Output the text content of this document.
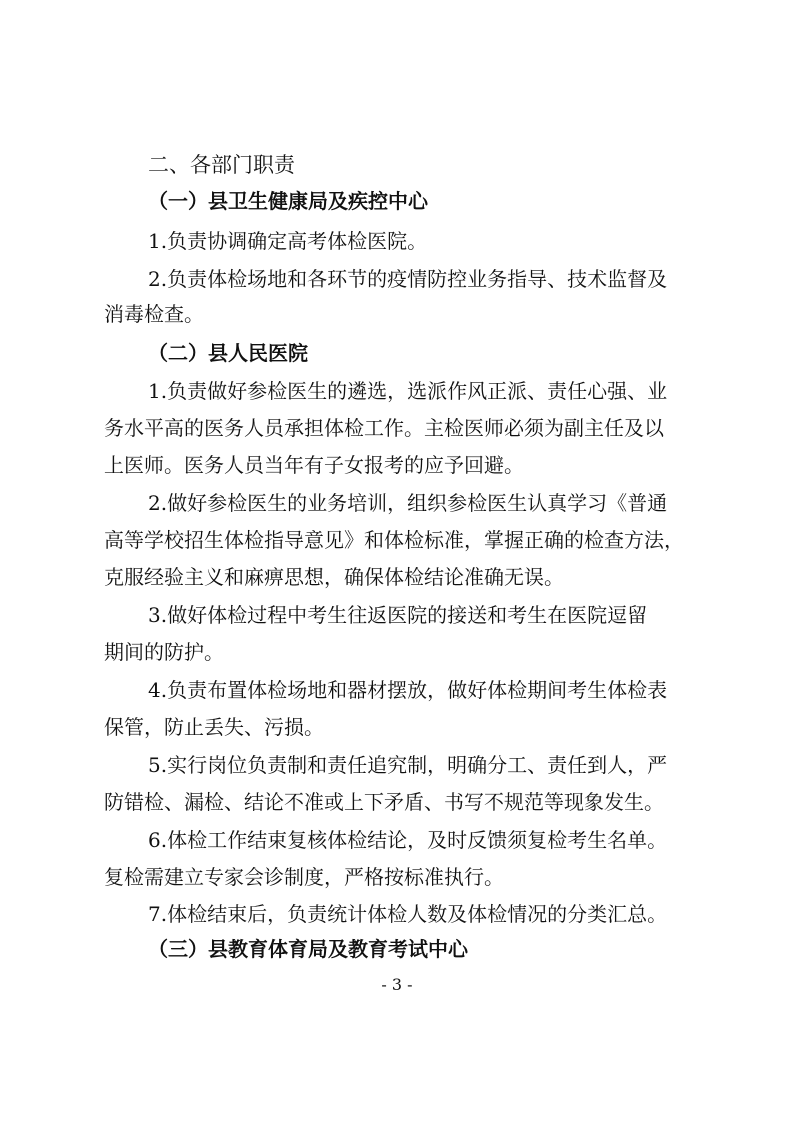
二、各部门职责
（一）县卫生健康局及疾控中心
1.负责协调确定高考体检医院。
2.负责体检场地和各环节的疫情防控业务指导、技术监督及
消毒检查。
（二）县人民医院
1.负责做好参检医生的遴选，选派作风正派、责任心强、业
务水平高的医务人员承担体检工作。主检医师必须为副主任及以
上医师。医务人员当年有子女报考的应予回避。
2.做好参检医生的业务培训，组织参检医生认真学习《普通
高等学校招生体检指导意见》和体检标准，掌握正确的检查方法，
克服经验主义和麻痹思想，确保体检结论准确无误。
3.做好体检过程中考生往返医院的接送和考生在医院逗留
期间的防护。
4.负责布置体检场地和器材摆放，做好体检期间考生体检表
保管，防止丢失、污损。
5.实行岗位负责制和责任追究制，明确分工、责任到人，严
防错检、漏检、结论不准或上下矛盾、书写不规范等现象发生。
6.体检工作结束复核体检结论，及时反馈须复检考生名单。
复检需建立专家会诊制度，严格按标准执行。
7.体检结束后，负责统计体检人数及体检情况的分类汇总。
（三）县教育体育局及教育考试中心
- 3 -
